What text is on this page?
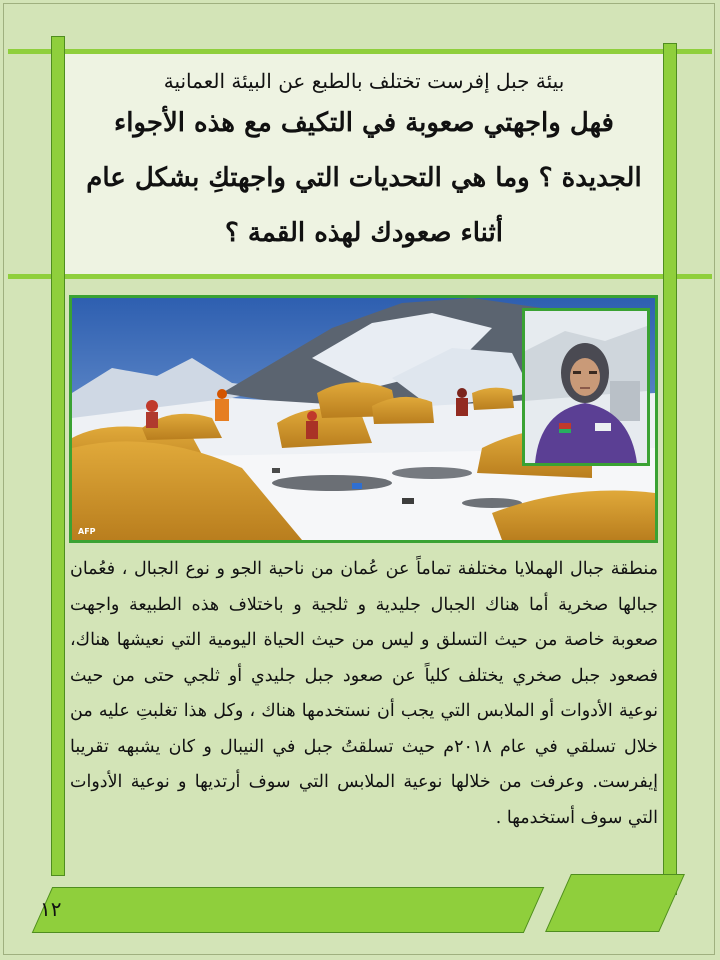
بيئة جبل إفرست تختلف بالطبع عن البيئة العمانية

فهل واجهتي صعوبة في التكيف مع هذه الأجواء الجديدة ؟ وما هي التحديات التي واجهتكِ بشكل عام أثناء صعودك لهذه القمة ؟

AFP
منطقة جبال الهملايا مختلفة تماماً عن عُمان من ناحية الجو و نوع الجبال ، فعُمان جبالها صخرية أما هناك الجبال جليدية و ثلجية و باختلاف هذه الطبيعة واجهت صعوبة خاصة من حيث التسلق و ليس من حيث الحياة اليومية التي نعيشها هناك، فصعود جبل صخري يختلف كلياً عن صعود جبل جليدي أو ثلجي حتى من حيث نوعية الأدوات أو الملابس التي يجب أن نستخدمها هناك ، وكل هذا تغلبتِ عليه من خلال تسلقي في عام ٢٠١٨م حيث تسلقتُ جبل في النيبال و كان يشبهه تقريبا إيفرست. وعرفت من خلالها نوعية الملابس التي سوف أرتديها و نوعية الأدوات التي سوف أستخدمها .
١٢
